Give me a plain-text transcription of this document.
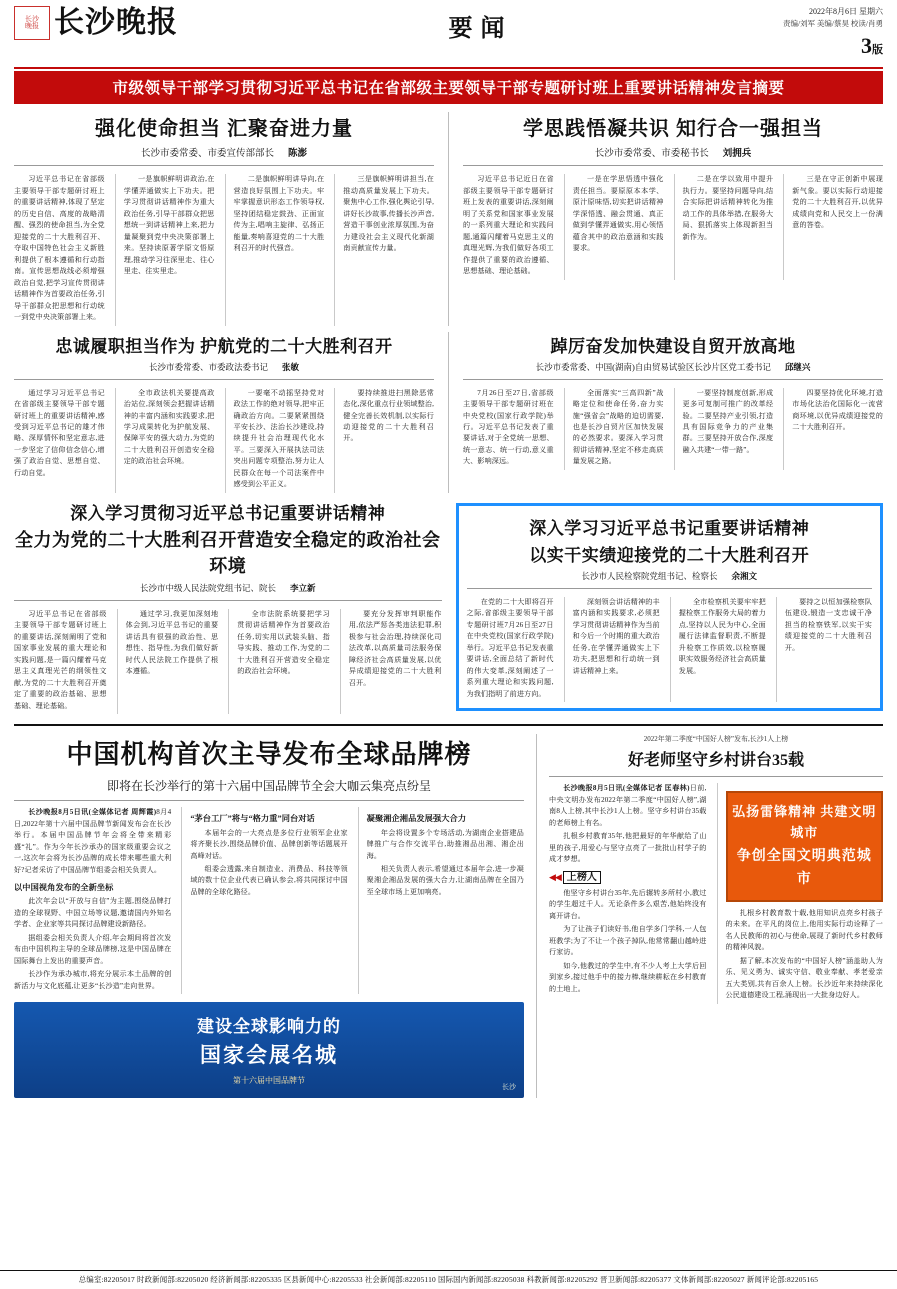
长沙
晚报 长沙晚报	要闻
2022年8月6日 星期六
责编/刘军 美编/蔡昊 校读/肖勇
3版
市级领导干部学习贯彻习近平总书记在省部级主要领导干部专题研讨班上重要讲话精神发言摘要
强化使命担当 汇聚奋进力量
长沙市委常委、市委宣传部部长 陈澎

习近平总书记在省部级主要领导干部专题研讨班上的重要讲话精神,体现了坚定的历史自信、高度的战略清醒、强烈的使命担当,为全党迎接党的二十大胜利召开、夺取中国特色社会主义新胜利提供了根本遵循和行动指南。宣传思想战线必须增强政治自觉,把学习宣传贯彻讲话精神作为首要政治任务,引导干部群众把思想和行动统一到党中央决策部署上来。

一是旗帜鲜明讲政治,在学懂弄通做实上下功夫。把学习贯彻讲话精神作为重大政治任务,引导干部群众把思想统一到讲话精神上来,把力量凝聚到党中央决策部署上来。坚持读原著学原文悟原理,推动学习往深里走、往心里走、往实里走。

二是旗帜鲜明讲导向,在营造良好氛围上下功夫。牢牢掌握意识形态工作领导权,坚持团结稳定鼓劲、正面宣传为主,唱响主旋律、弘扬正能量,奏响喜迎党的二十大胜利召开的时代强音。

三是旗帜鲜明讲担当,在推动高质量发展上下功夫。聚焦中心工作,强化舆论引导,讲好长沙故事,传播长沙声音,营造干事创业浓厚氛围,为奋力建设社会主义现代化新湖南贡献宣传力量。

学思践悟凝共识 知行合一强担当
长沙市委常委、市委秘书长 刘拥兵

习近平总书记近日在省部级主要领导干部专题研讨班上发表的重要讲话,深刻阐明了关系党和国家事业发展的一系列重大理论和实践问题,通篇闪耀着马克思主义的真理光辉,为我们做好各项工作提供了重要的政治遵循、思想基础、理论基础。

一是在学思悟透中强化责任担当。要原原本本学、原汁原味悟,切实把讲话精神学深悟透、融会贯通、真正做到学懂弄通做实,用心领悟蕴含其中的政治意涵和实践要求。

二是在学以致用中提升执行力。要坚持问题导向,结合实际把讲话精神转化为推动工作的具体举措,在服务大局、狠抓落实上体现新担当新作为。

三是在守正创新中展现新气象。要以实际行动迎接党的二十大胜利召开,以优异成绩向党和人民交上一份满意的答卷。

忠诚履职担当作为 护航党的二十大胜利召开
长沙市委常委、市委政法委书记 张敏

通过学习习近平总书记在省部级主要领导干部专题研讨班上的重要讲话精神,感受到习近平总书记的雄才伟略、深厚情怀和坚定意志,进一步坚定了信仰信念信心,增强了政治自觉、思想自觉、行动自觉。

全市政法机关要提高政治站位,深刻领会把握讲话精神的丰富内涵和实践要求,把学习成果转化为护航发展、保障平安的强大动力,为党的二十大胜利召开创造安全稳定的政治社会环境。

一要毫不动摇坚持党对政法工作的绝对领导,把牢正确政治方向。二要紧紧围绕平安长沙、法治长沙建设,持续提升社会治理现代化水平。三要深入开展执法司法突出问题专项整治,努力让人民群众在每一个司法案件中感受到公平正义。

要持续推进扫黑除恶常态化,深化重点行业领域整治,健全完善长效机制,以实际行动迎接党的二十大胜利召开。

踔厉奋发加快建设自贸开放高地
长沙市委常委、中国(湖南)自由贸易试验区长沙片区党工委书记 邱继兴

7月26日至27日,省部级主要领导干部专题研讨班在中央党校(国家行政学院)举行。习近平总书记发表了重要讲话,对于全党统一思想、统一意志、统一行动,意义重大、影响深远。

全面落实“三高四新”战略定位和使命任务,奋力实施“强省会”战略的迫切需要,也是长沙自贸片区加快发展的必然要求。要深入学习贯彻讲话精神,坚定不移走高质量发展之路。

一要坚持制度创新,形成更多可复制可推广的改革经验。二要坚持产业引领,打造具有国际竞争力的产业集群。三要坚持开放合作,深度融入共建“一带一路”。

四要坚持优化环境,打造市场化法治化国际化一流营商环境,以优异成绩迎接党的二十大胜利召开。

深入学习贯彻习近平总书记重要讲话精神
全力为党的二十大胜利召开营造安全稳定的政治社会环境
长沙市中级人民法院党组书记、院长 李立新

习近平总书记在省部级主要领导干部专题研讨班上的重要讲话,深刻阐明了党和国家事业发展的重大理论和实践问题,是一篇闪耀着马克思主义真理光芒的纲领性文献,为党的二十大胜利召开奠定了重要的政治基础、思想基础、理论基础。

通过学习,我更加深刻地体会到,习近平总书记的重要讲话具有很强的政治性、思想性、指导性,为我们做好新时代人民法院工作提供了根本遵循。

全市法院系统要把学习贯彻讲话精神作为首要政治任务,切实用以武装头脑、指导实践、推动工作,为党的二十大胜利召开营造安全稳定的政治社会环境。

要充分发挥审判职能作用,依法严惩各类违法犯罪,积极参与社会治理,持续深化司法改革,以高质量司法服务保障经济社会高质量发展,以优异成绩迎接党的二十大胜利召开。

深入学习习近平总书记重要讲话精神
以实干实绩迎接党的二十大胜利召开
长沙市人民检察院党组书记、检察长 余湘文

在党的二十大即将召开之际,省部级主要领导干部专题研讨班7月26日至27日在中央党校(国家行政学院)举行。习近平总书记发表重要讲话,全面总结了新时代的伟大变革,深刻阐述了一系列重大理论和实践问题,为我们指明了前进方向。

深刻领会讲话精神的丰富内涵和实践要求,必须把学习贯彻讲话精神作为当前和今后一个时期的重大政治任务,在学懂弄通做实上下功夫,把思想和行动统一到讲话精神上来。

全市检察机关要牢牢把握检察工作服务大局的着力点,坚持以人民为中心,全面履行法律监督职责,不断提升检察工作质效,以检察履职实效服务经济社会高质量发展。

要持之以恒加强检察队伍建设,锻造一支忠诚干净担当的检察铁军,以实干实绩迎接党的二十大胜利召开。

中国机构首次主导发布全球品牌榜
即将在长沙举行的第十六届中国品牌节全会大咖云集亮点纷呈

长沙晚报8月5日讯(全媒体记者 周辉霞)8月4日,2022年第十六届中国品牌节新闻发布会在长沙举行。本届中国品牌节年会将全带来精彩盛“礼”。作为今年长沙承办的国家级重要会议之一,这次年会将为长沙品牌的成长带来哪些重大利好?记者采访了中国品牌节组委会相关负责人。

以中国视角发布的全新坐标

此次年会以“开放与自信”为主题,围绕品牌打造的全球视野、中国立场等议题,邀请国内外知名学者、企业家等共同探讨品牌建设新路径。

据组委会相关负责人介绍,年会期间将首次发布由中国机构主导的全球品牌榜,这是中国品牌在国际舞台上发出的重要声音。

长沙作为承办城市,将充分展示本土品牌的创新活力与文化底蕴,让更多“长沙造”走向世界。

“茅台工厂”将与“格力重”同台对话

本届年会的一大亮点是多位行业领军企业家将齐聚长沙,围绕品牌价值、品牌创新等话题展开高峰对话。

组委会透露,来自制造业、消费品、科技等领域的数十位企业代表已确认参会,将共同探讨中国品牌的全球化路径。

凝聚湘企湘品发展强大合力

年会将设置多个专场活动,为湖南企业搭建品牌推广与合作交流平台,助推湘品出湘、湘企出海。

相关负责人表示,希望通过本届年会,进一步凝聚湘企湘品发展的强大合力,让湖南品牌在全国乃至全球市场上更加响亮。

建设全球影响力的
国家会展名城
第十六届中国品牌节
长沙
2022年第二季度“中国好人榜”发布,长沙1人上榜
好老师坚守乡村讲台35载

长沙晚报8月5日讯(全媒体记者 匡春林)日前,中央文明办发布2022年第二季度“中国好人榜”,湖南8人上榜,其中长沙1人上榜。坚守乡村讲台35载的老师榜上有名。

扎根乡村教育35年,他把最好的年华献给了山里的孩子,用爱心与坚守点亮了一批批山村学子的成才梦想。

◀◀ 上榜人

他坚守乡村讲台35年,先后辗转多所村小,教过的学生超过千人。无论条件多么艰苦,他始终没有离开讲台。

为了让孩子们读好书,他自学多门学科,一人包班教学;为了不让一个孩子掉队,他常常翻山越岭进行家访。

如今,他教过的学生中,有不少人考上大学后回到家乡,接过他手中的接力棒,继续耕耘在乡村教育的土地上。

弘扬雷锋精神 共建文明城市
争创全国文明典范城市

扎根乡村教育数十载,他用知识点亮乡村孩子的未来。在平凡的岗位上,他用实际行动诠释了一名人民教师的初心与使命,展现了新时代乡村教师的精神风貌。

据了解,本次发布的“中国好人榜”涵盖助人为乐、见义勇为、诚实守信、敬业奉献、孝老爱亲五大类别,共有百余人上榜。长沙近年来持续深化公民道德建设工程,涌现出一大批身边好人。

总编室:82205017 时政新闻部:82205020 经济新闻部:82205335 区县新闻中心:82205533 社会新闻部:82205110 国际国内新闻部:82205038 科教新闻部:82205292 晋卫新闻部:82205377 文体新闻部:82205027 新闻评论部:82205165
